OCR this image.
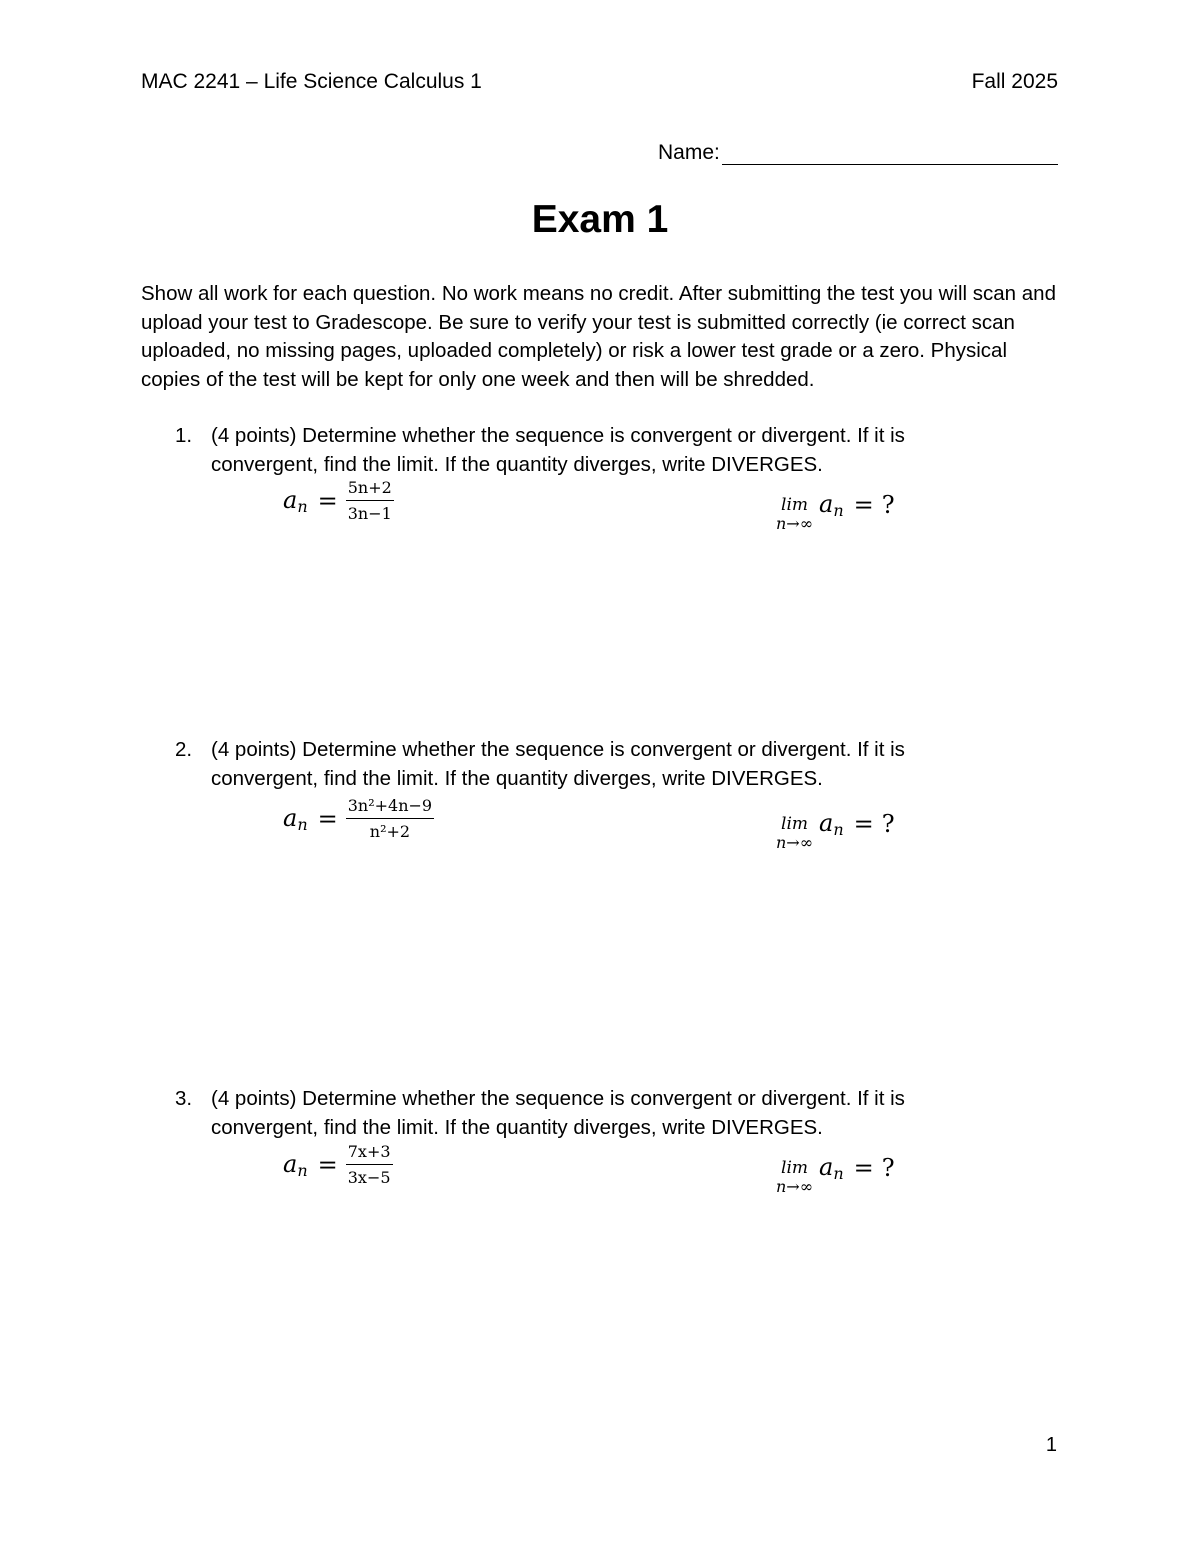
MAC 2241 – Life Science Calculus 1	Fall 2025
Name:
Exam 1
Show all work for each question. No work means no credit. After submitting the test you will scan and upload your test to Gradescope. Be sure to verify your test is submitted correctly (ie correct scan uploaded, no missing pages, uploaded completely) or risk a lower test grade or a zero. Physical copies of the test will be kept for only one week and then will be shredded.
1. (4 points) Determine whether the sequence is convergent or divergent. If it is convergent, find the limit. If the quantity diverges, write DIVERGES.
$a_n = \frac{5n+2}{3n-1}$	lim
n→∞
$a_n$ = ?
2. (4 points) Determine whether the sequence is convergent or divergent. If it is convergent, find the limit. If the quantity diverges, write DIVERGES.
$a_n = \frac{\text{3n²+4n−9}}{\text{n²+2}}$	lim
n→∞
$a_n$ = ?
3. (4 points) Determine whether the sequence is convergent or divergent. If it is convergent, find the limit. If the quantity diverges, write DIVERGES.
$a_n = \frac{7x+3}{3x-5}$	lim
n→∞
$a_n$ = ?
1
